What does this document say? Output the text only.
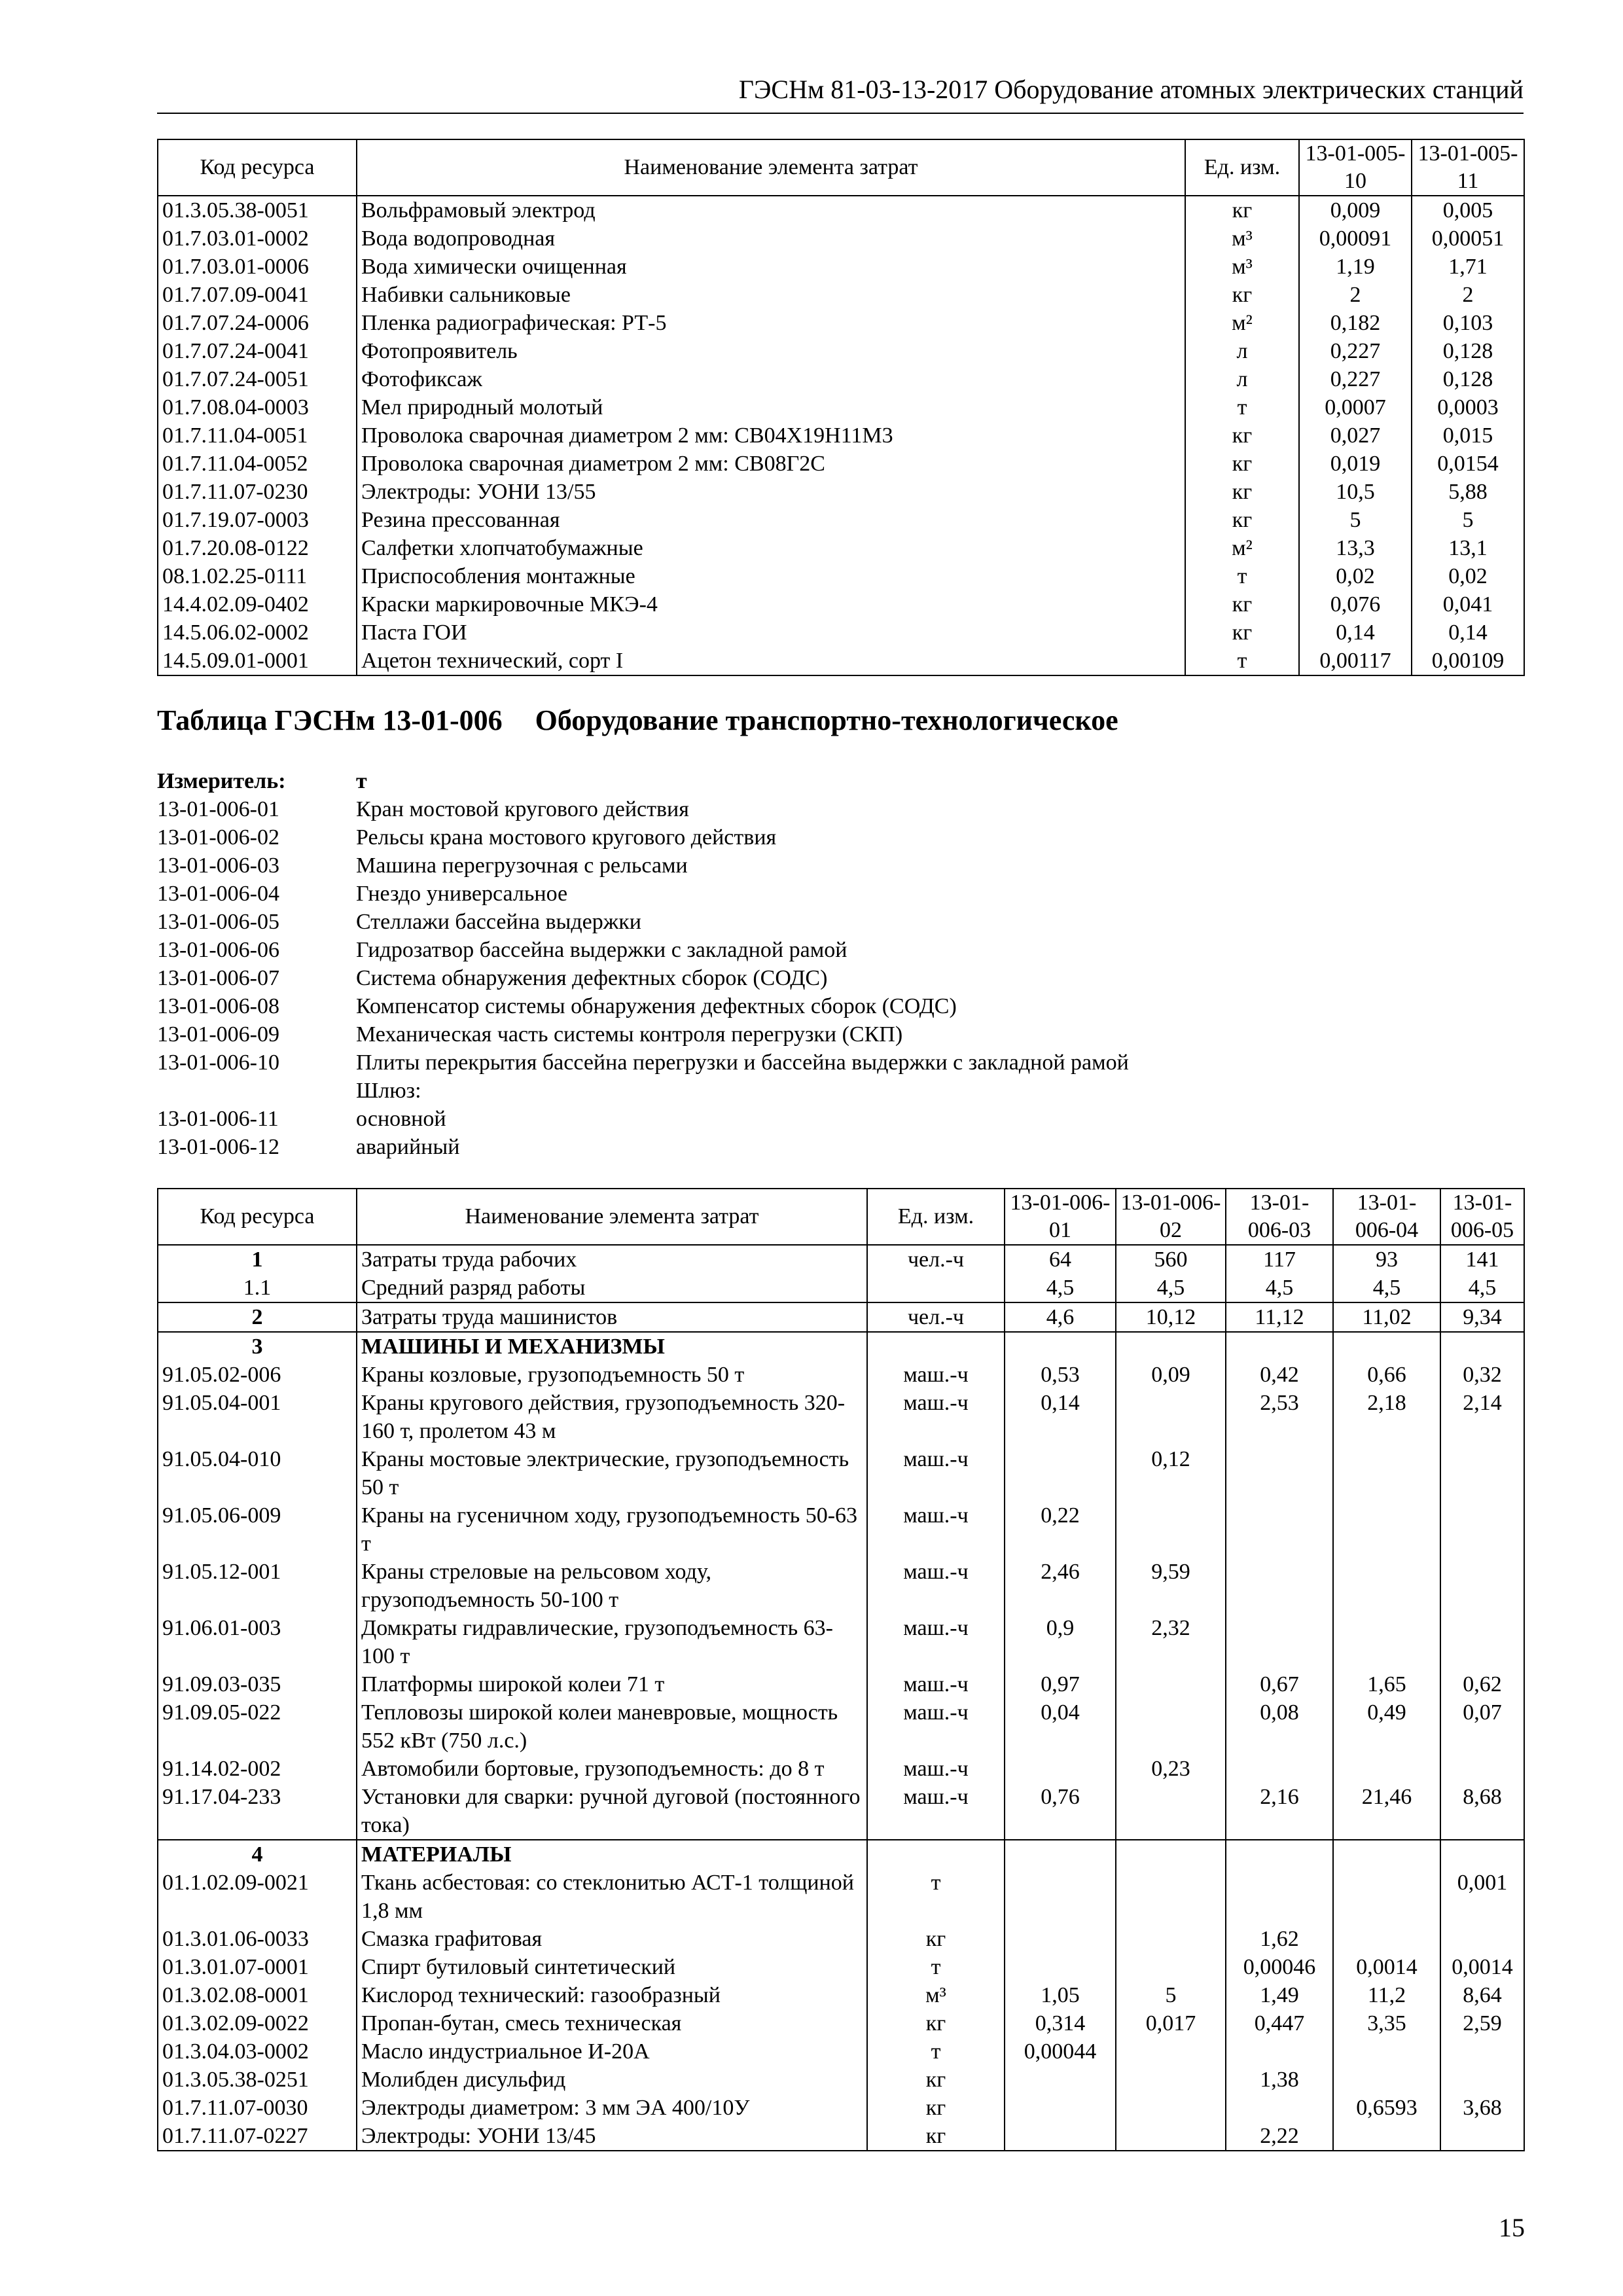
ГЭСНм 81-03-13-2017 Оборудование атомных электрических станций
Код ресурса	Наименование элемента затрат	Ед. изм.	13-01-005-10	13-01-005-11
01.3.05.38-0051	Вольфрамовый электрод	кг	0,009	0,005
01.7.03.01-0002	Вода водопроводная	м³	0,00091	0,00051
01.7.03.01-0006	Вода химически очищенная	м³	1,19	1,71
01.7.07.09-0041	Набивки сальниковые	кг	2	2
01.7.07.24-0006	Пленка радиографическая: РТ-5	м²	0,182	0,103
01.7.07.24-0041	Фотопроявитель	л	0,227	0,128
01.7.07.24-0051	Фотофиксаж	л	0,227	0,128
01.7.08.04-0003	Мел природный молотый	т	0,0007	0,0003
01.7.11.04-0051	Проволока сварочная диаметром 2 мм: СВ04Х19Н11М3	кг	0,027	0,015
01.7.11.04-0052	Проволока сварочная диаметром 2 мм: СВ08Г2С	кг	0,019	0,0154
01.7.11.07-0230	Электроды: УОНИ 13/55	кг	10,5	5,88
01.7.19.07-0003	Резина прессованная	кг	5	5
01.7.20.08-0122	Салфетки хлопчатобумажные	м²	13,3	13,1
08.1.02.25-0111	Приспособления монтажные	т	0,02	0,02
14.4.02.09-0402	Краски маркировочные МКЭ-4	кг	0,076	0,041
14.5.06.02-0002	Паста ГОИ	кг	0,14	0,14
14.5.09.01-0001	Ацетон технический, сорт I	т	0,00117	0,00109
Таблица ГЭСНм 13-01-006 Оборудование транспортно-технологическое
Измеритель:	т
13-01-006-01	Кран мостовой кругового действия
13-01-006-02	Рельсы крана мостового кругового действия
13-01-006-03	Машина перегрузочная с рельсами
13-01-006-04	Гнездо универсальное
13-01-006-05	Стеллажи бассейна выдержки
13-01-006-06	Гидрозатвор бассейна выдержки с закладной рамой
13-01-006-07	Система обнаружения дефектных сборок (СОДС)
13-01-006-08	Компенсатор системы обнаружения дефектных сборок (СОДС)
13-01-006-09	Механическая часть системы контроля перегрузки (СКП)
13-01-006-10	Плиты перекрытия бассейна перегрузки и бассейна выдержки с закладной рамой
Шлюз:
13-01-006-11	основной
13-01-006-12	аварийный
Код ресурса	Наименование элемента затрат	Ед. изм.	13-01-006-01	13-01-006-02	13-01-006-03	13-01-006-04	13-01-006-05
1	Затраты труда рабочих	чел.-ч	64	560	117	93	141
1.1	Средний разряд работы		4,5	4,5	4,5	4,5	4,5
2	Затраты труда машинистов	чел.-ч	4,6	10,12	11,12	11,02	9,34
3	МАШИНЫ И МЕХАНИЗМЫ						
91.05.02-006	Краны козловые, грузоподъемность 50 т	маш.-ч	0,53	0,09	0,42	0,66	0,32
91.05.04-001	Краны кругового действия, грузоподъемность 320-160 т, пролетом 43 м	маш.-ч	0,14		2,53	2,18	2,14
91.05.04-010	Краны мостовые электрические, грузоподъемность 50 т	маш.-ч		0,12			
91.05.06-009	Краны на гусеничном ходу, грузоподъемность 50-63 т	маш.-ч	0,22				
91.05.12-001	Краны стреловые на рельсовом ходу, грузоподъемность 50-100 т	маш.-ч	2,46	9,59			
91.06.01-003	Домкраты гидравлические, грузоподъемность 63-100 т	маш.-ч	0,9	2,32			
91.09.03-035	Платформы широкой колеи 71 т	маш.-ч	0,97		0,67	1,65	0,62
91.09.05-022	Тепловозы широкой колеи маневровые, мощность 552 кВт (750 л.с.)	маш.-ч	0,04		0,08	0,49	0,07
91.14.02-002	Автомобили бортовые, грузоподъемность: до 8 т	маш.-ч		0,23			
91.17.04-233	Установки для сварки: ручной дуговой (постоянного тока)	маш.-ч	0,76		2,16	21,46	8,68
4	МАТЕРИАЛЫ						
01.1.02.09-0021	Ткань асбестовая: со стеклонитью АСТ-1 толщиной 1,8 мм	т					0,001
01.3.01.06-0033	Смазка графитовая	кг			1,62		
01.3.01.07-0001	Спирт бутиловый синтетический	т			0,00046	0,0014	0,0014
01.3.02.08-0001	Кислород технический: газообразный	м³	1,05	5	1,49	11,2	8,64
01.3.02.09-0022	Пропан-бутан, смесь техническая	кг	0,314	0,017	0,447	3,35	2,59
01.3.04.03-0002	Масло индустриальное И-20А	т	0,00044				
01.3.05.38-0251	Молибден дисульфид	кг			1,38		
01.7.11.07-0030	Электроды диаметром: 3 мм ЭА 400/10У	кг				0,6593	3,68
01.7.11.07-0227	Электроды: УОНИ 13/45	кг			2,22		
15
